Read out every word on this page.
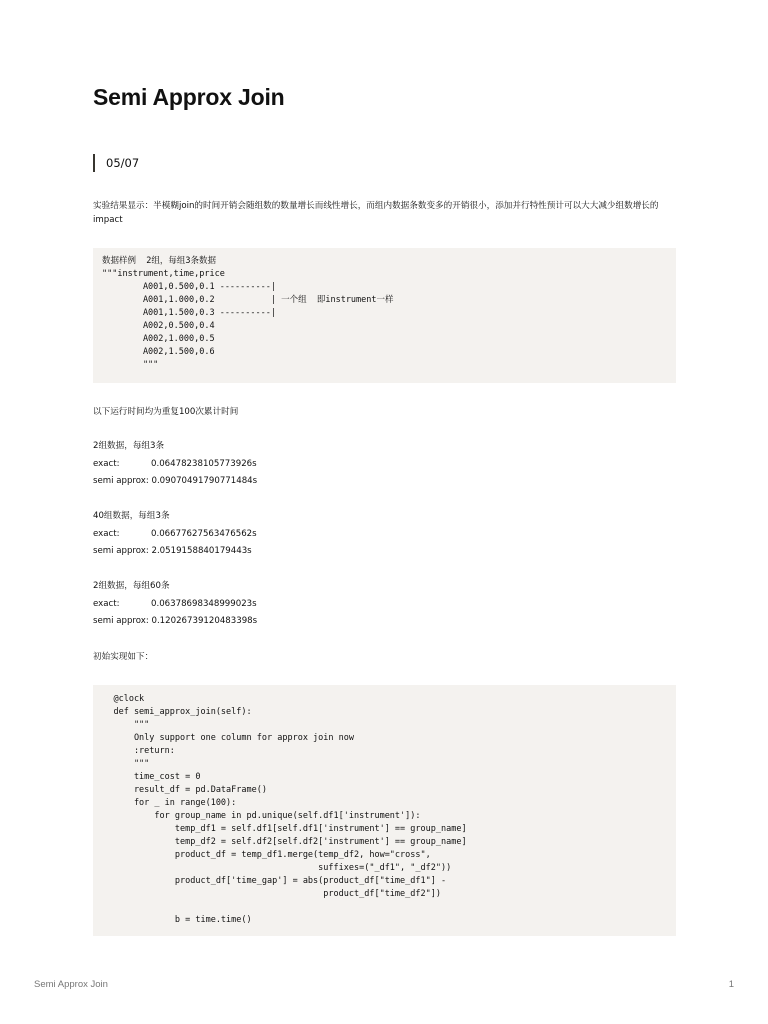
Semi Approx Join
05/07

实验结果显示：半模糊join的时间开销会随组数的数量增长而线性增长，而组内数据条数变多的开销很小，添加并行特性预计可以大大减少组数增长的impact

数据样例  2组，每组3条数据
"""instrument,time,price
A001,0.500,0.1 ----------|
A001,1.000,0.2           | 一个组  即instrument一样
A001,1.500,0.3 ----------|
A002,0.500,0.4
A002,1.000,0.5
A002,1.500,0.6
"""

以下运行时间均为重复100次累计时间

2组数据，每组3条
exact:	0.06478238105773926s
semi approx: 0.09070491790771484s
40组数据，每组3条
exact:	0.06677627563476562s
semi approx: 2.0519158840179443s
2组数据，每组60条
exact:	0.06378698348999023s
semi approx: 0.12026739120483398s

初始实现如下：

@clock
def semi_approx_join(self):
"""
Only support one column for approx join now
:return:
"""
time_cost = 0
result_df = pd.DataFrame()
for _ in range(100):
for group_name in pd.unique(self.df1['instrument']):
temp_df1 = self.df1[self.df1['instrument'] == group_name]
temp_df2 = self.df2[self.df2['instrument'] == group_name]
product_df = temp_df1.merge(temp_df2, how="cross",
suffixes=("_df1", "_df2"))
product_df['time_gap'] = abs(product_df["time_df1"] -
product_df["time_df2"])

b = time.time()
Semi Approx Join	1
